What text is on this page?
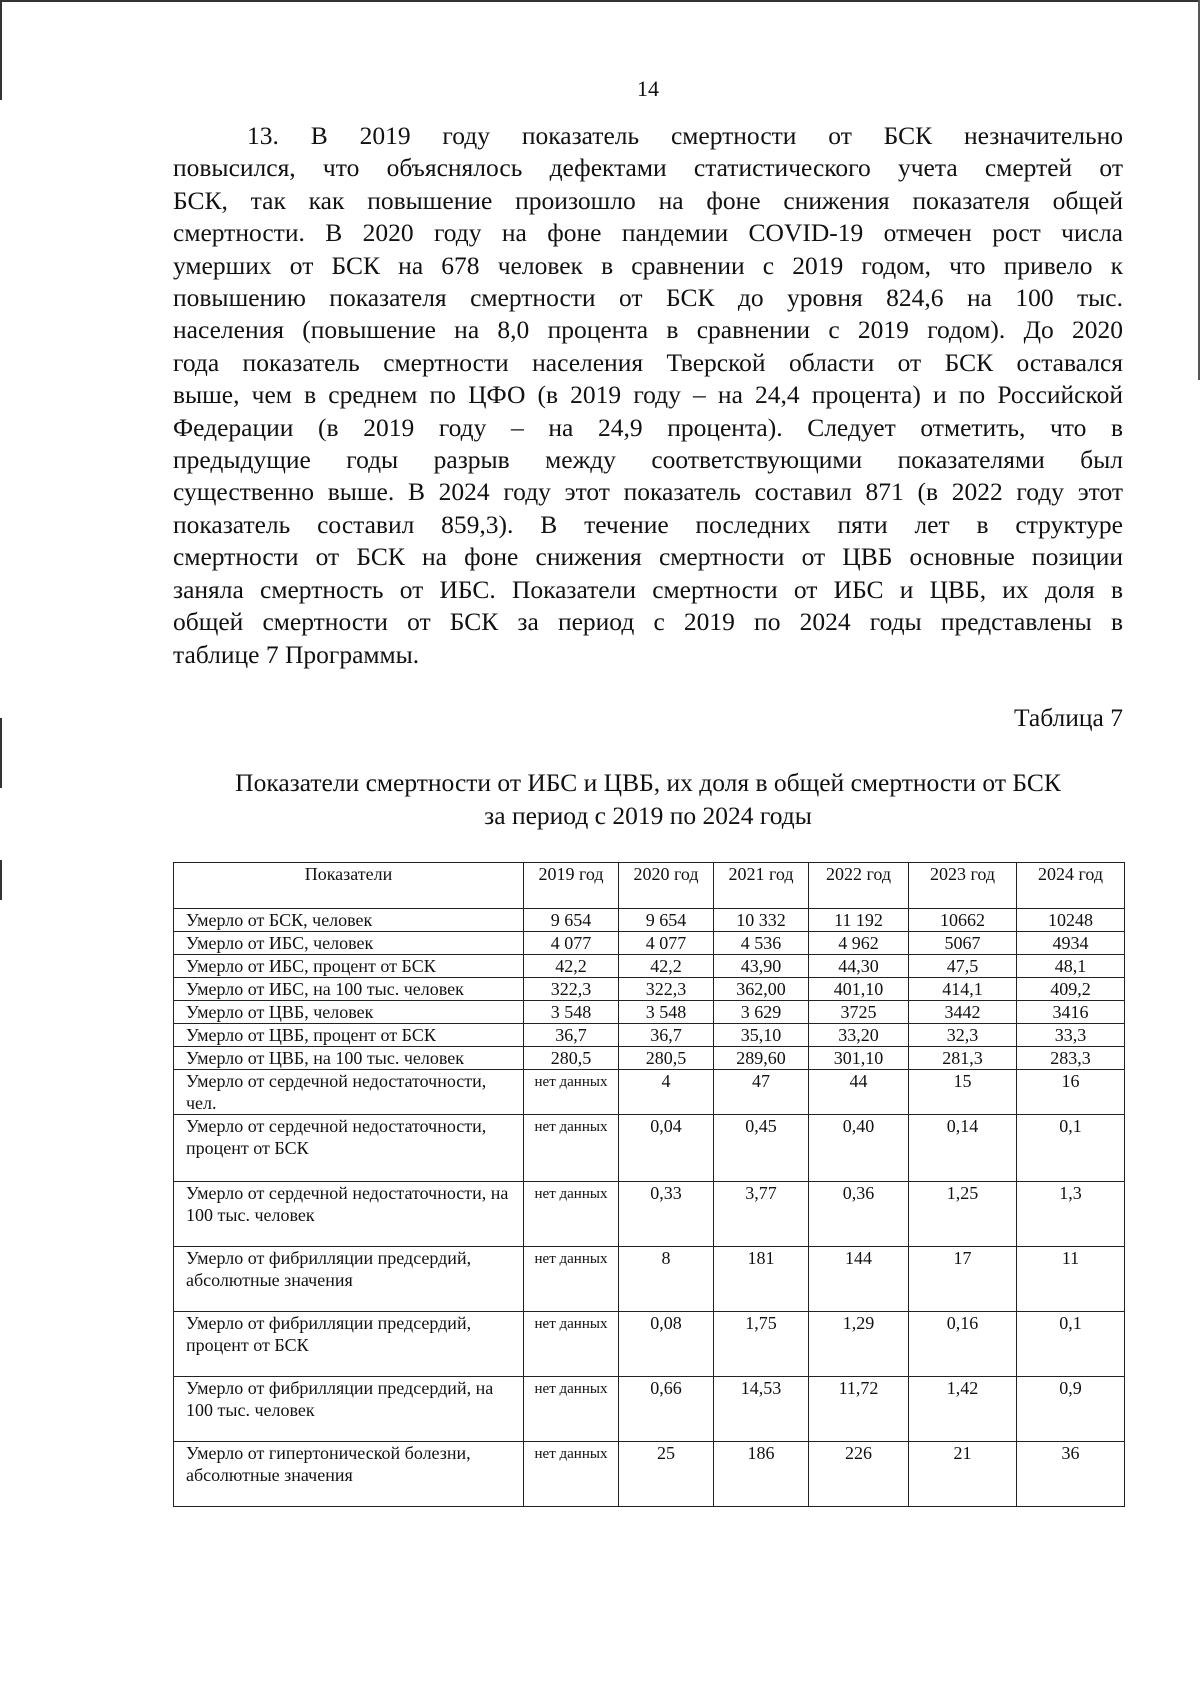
14
13. В 2019 году показатель смертности от БСК незначительно
повысился, что объяснялось дефектами статистического учета смертей от
БСК, так как повышение произошло на фоне снижения показателя общей
смертности. В 2020 году на фоне пандемии COVID-19 отмечен рост числа
умерших от БСК на 678 человек в сравнении с 2019 годом, что привело к
повышению показателя смертности от БСК до уровня 824,6 на 100 тыс.
населения (повышение на 8,0 процента в сравнении с 2019 годом). До 2020
года показатель смертности населения Тверской области от БСК оставался
выше, чем в среднем по ЦФО (в 2019 году – на 24,4 процента) и по Российской
Федерации (в 2019 году – на 24,9 процента). Следует отметить, что в
предыдущие годы разрыв между соответствующими показателями был
существенно выше. В 2024 году этот показатель составил 871 (в 2022 году этот
показатель составил 859,3). В течение последних пяти лет в структуре
смертности от БСК на фоне снижения смертности от ЦВБ основные позиции
заняла смертность от ИБС. Показатели смертности от ИБС и ЦВБ, их доля в
общей смертности от БСК за период с 2019 по 2024 годы представлены в
таблице 7 Программы.
Таблица 7
Показатели смертности от ИБС и ЦВБ, их доля в общей смертности от БСК
за период с 2019 по 2024 годы
Показатели	2019 год	2020 год	2021 год	2022 год	2023 год	2024 год
Умерло от БСК, человек	9 654	9 654	10 332	11 192	10662	10248
Умерло от ИБС, человек	4 077	4 077	4 536	4 962	5067	4934
Умерло от ИБС, процент от БСК	42,2	42,2	43,90	44,30	47,5	48,1
Умерло от ИБС, на 100 тыс. человек	322,3	322,3	362,00	401,10	414,1	409,2
Умерло от ЦВБ, человек	3 548	3 548	3 629	3725	3442	3416
Умерло от ЦВБ, процент от БСК	36,7	36,7	35,10	33,20	32,3	33,3
Умерло от ЦВБ, на 100 тыс. человек	280,5	280,5	289,60	301,10	281,3	283,3
Умерло от сердечной недостаточности, чел.	нет данных	4	47	44	15	16
Умерло от сердечной недостаточности, процент от БСК	нет данных	0,04	0,45	0,40	0,14	0,1
Умерло от сердечной недостаточности, на 100 тыс. человек	нет данных	0,33	3,77	0,36	1,25	1,3
Умерло от фибрилляции предсердий, абсолютные значения	нет данных	8	181	144	17	11
Умерло от фибрилляции предсердий, процент от БСК	нет данных	0,08	1,75	1,29	0,16	0,1
Умерло от фибрилляции предсердий, на 100 тыс. человек	нет данных	0,66	14,53	11,72	1,42	0,9
Умерло от гипертонической болезни, абсолютные значения	нет данных	25	186	226	21	36
